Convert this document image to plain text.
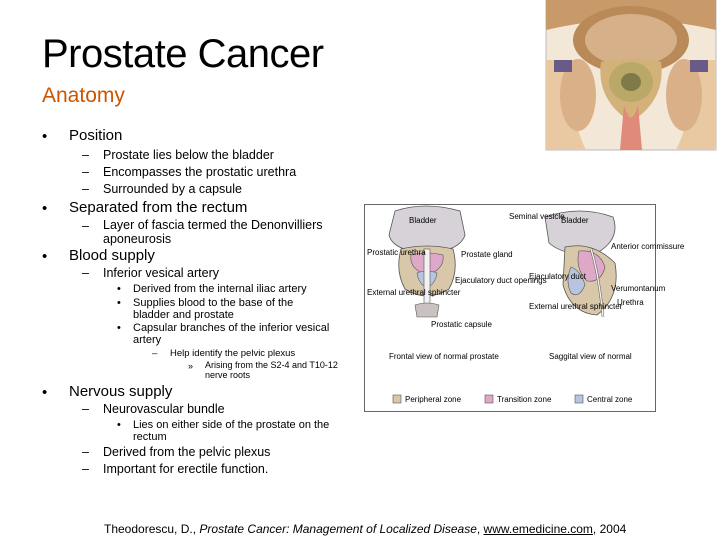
Prostate Cancer
Anatomy
• Position
– Prostate lies below the bladder
– Encompasses the prostatic urethra
– Surrounded by a capsule
• Separated from the rectum
– Layer of fascia termed the Denonvilliers aponeurosis
• Blood supply
– Inferior vesical artery
• Derived from the internal iliac artery
• Supplies blood to the base of the bladder and prostate
• Capsular branches of the inferior vesical artery
– Help identify the pelvic plexus
» Arising from the S2-4 and T10-12 nerve roots
• Nervous supply
– Neurovascular bundle
• Lies on either side of the prostate on the rectum
– Derived from the pelvic plexus
– Important for erectile function.
Bladder	Bladder
Seminal vesicle
Prostatic urethra	Prostate gland
Ejaculatory duct openings
External urethral sphincter
Prostatic capsule
Ejaculatory duct
External urethral sphincter
Anterior commissure
Verumontanum
Urethra
Frontal view of normal prostate	Saggital view of normal
Peripheral zone	Transition zone	Central zone
Theodorescu, D., Prostate Cancer: Management of Localized Disease, www.emedicine.com, 2004
